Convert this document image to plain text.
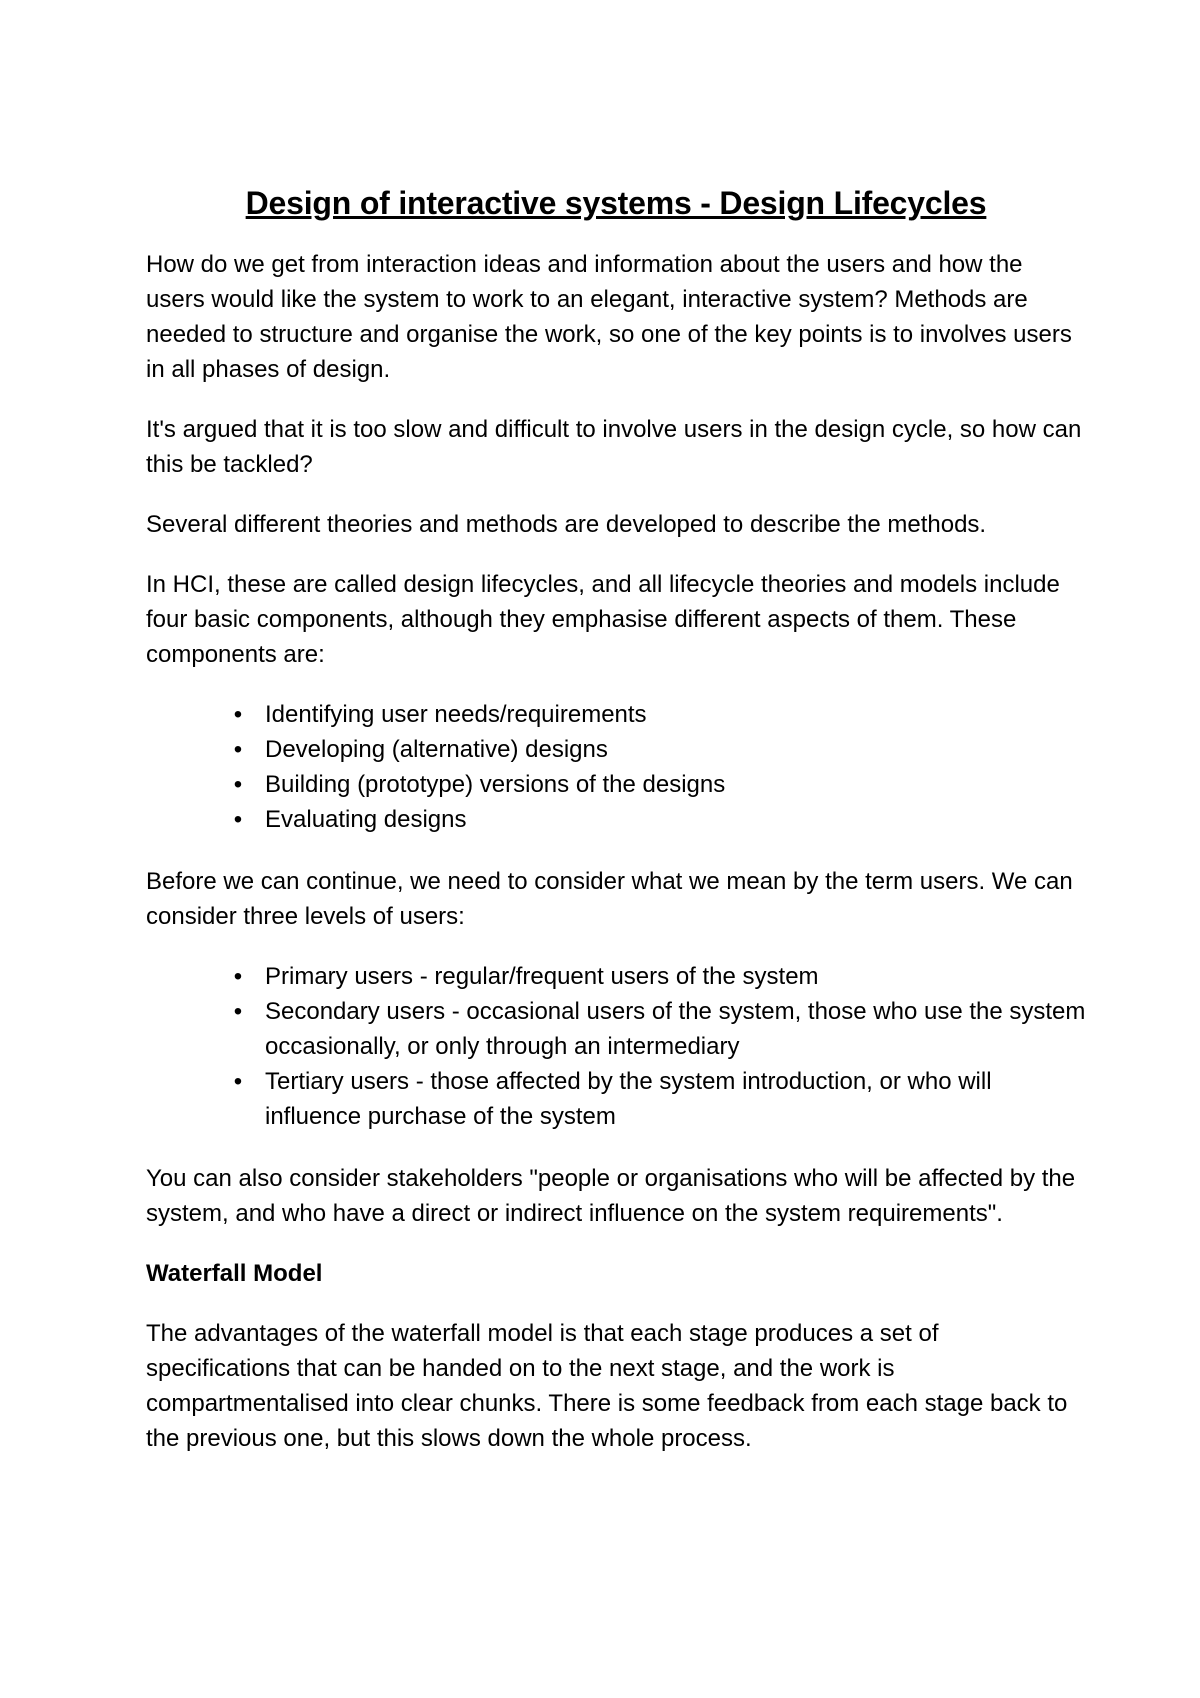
Design of interactive systems - Design Lifecycles

How do we get from interaction ideas and information about the users and how the users would like the system to work to an elegant, interactive system? Methods are needed to structure and organise the work, so one of the key points is to involves users in all phases of design.

It's argued that it is too slow and difficult to involve users in the design cycle, so how can this be tackled?

Several different theories and methods are developed to describe the methods.

In HCI, these are called design lifecycles, and all lifecycle theories and models include four basic components, although they emphasise different aspects of them. These components are:

• Identifying user needs/requirements
• Developing (alternative) designs
• Building (prototype) versions of the designs
• Evaluating designs

Before we can continue, we need to consider what we mean by the term users. We can consider three levels of users:

• Primary users - regular/frequent users of the system
• Secondary users - occasional users of the system, those who use the system occasionally, or only through an intermediary
• Tertiary users - those affected by the system introduction, or who will influence purchase of the system

You can also consider stakeholders "people or organisations who will be affected by the system, and who have a direct or indirect influence on the system requirements".

Waterfall Model

The advantages of the waterfall model is that each stage produces a set of specifications that can be handed on to the next stage, and the work is compartmentalised into clear chunks. There is some feedback from each stage back to the previous one, but this slows down the whole process.
